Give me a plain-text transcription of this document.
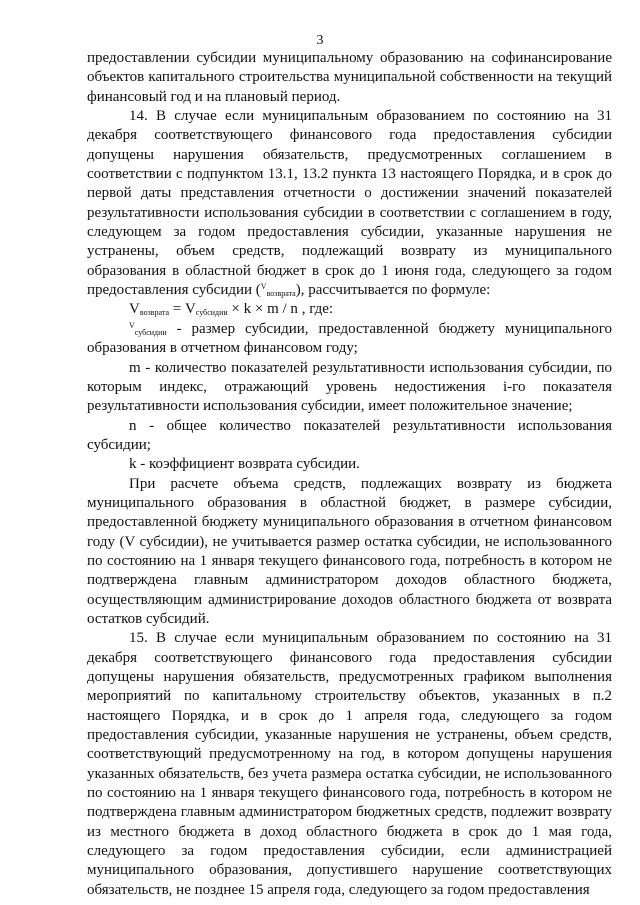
3

предоставлении субсидии муниципальному образованию на софинансирование объектов капитального строительства муниципальной собственности на текущий финансовый год и на плановый период.

14. В случае если муниципальным образованием по состоянию на 31 декабря соответствующего финансового года предоставления субсидии допущены нарушения обязательств, предусмотренных соглашением в соответствии с подпунктом 13.1, 13.2 пункта 13 настоящего Порядка, и в срок до первой даты представления отчетности о достижении значений показателей результативности использования субсидии в соответствии с соглашением в году, следующем за годом предоставления субсидии, указанные нарушения не устранены, объем средств, подлежащий возврату из муниципального образования в областной бюджет в срок до 1 июня года, следующего за годом предоставления субсидии ($^V_{возврата}$), рассчитывается по формуле:

$V_{возврата} = V_{субсидии} \times k \times m / n$ , где:

$^V_{субсидии}$ - размер субсидии, предоставленной бюджету муниципального образования в отчетном финансовом году;

m - количество показателей результативности использования субсидии, по которым индекс, отражающий уровень недостижения i-го показателя результативности использования субсидии, имеет положительное значение;

n - общее количество показателей результативности использования субсидии;

k - коэффициент возврата субсидии.

При расчете объема средств, подлежащих возврату из бюджета муниципального образования в областной бюджет, в размере субсидии, предоставленной бюджету муниципального образования в отчетном финансовом году (V субсидии), не учитывается размер остатка субсидии, не использованного по состоянию на 1 января текущего финансового года, потребность в котором не подтверждена главным администратором доходов областного бюджета, осуществляющим администрирование доходов областного бюджета от возврата остатков субсидий.

15. В случае если муниципальным образованием по состоянию на 31 декабря соответствующего финансового года предоставления субсидии допущены нарушения обязательств, предусмотренных графиком выполнения мероприятий по капитальному строительству объектов, указанных в п.2 настоящего Порядка, и в срок до 1 апреля года, следующего за годом предоставления субсидии, указанные нарушения не устранены, объем средств, соответствующий предусмотренному на год, в котором допущены нарушения указанных обязательств, без учета размера остатка субсидии, не использованного по состоянию на 1 января текущего финансового года, потребность в котором не подтверждена главным администратором бюджетных средств, подлежит возврату из местного бюджета в доход областного бюджета в срок до 1 мая года, следующего за годом предоставления субсидии, если администрацией муниципального образования, допустившего нарушение соответствующих обязательств, не позднее 15 апреля года, следующего за годом предоставления
